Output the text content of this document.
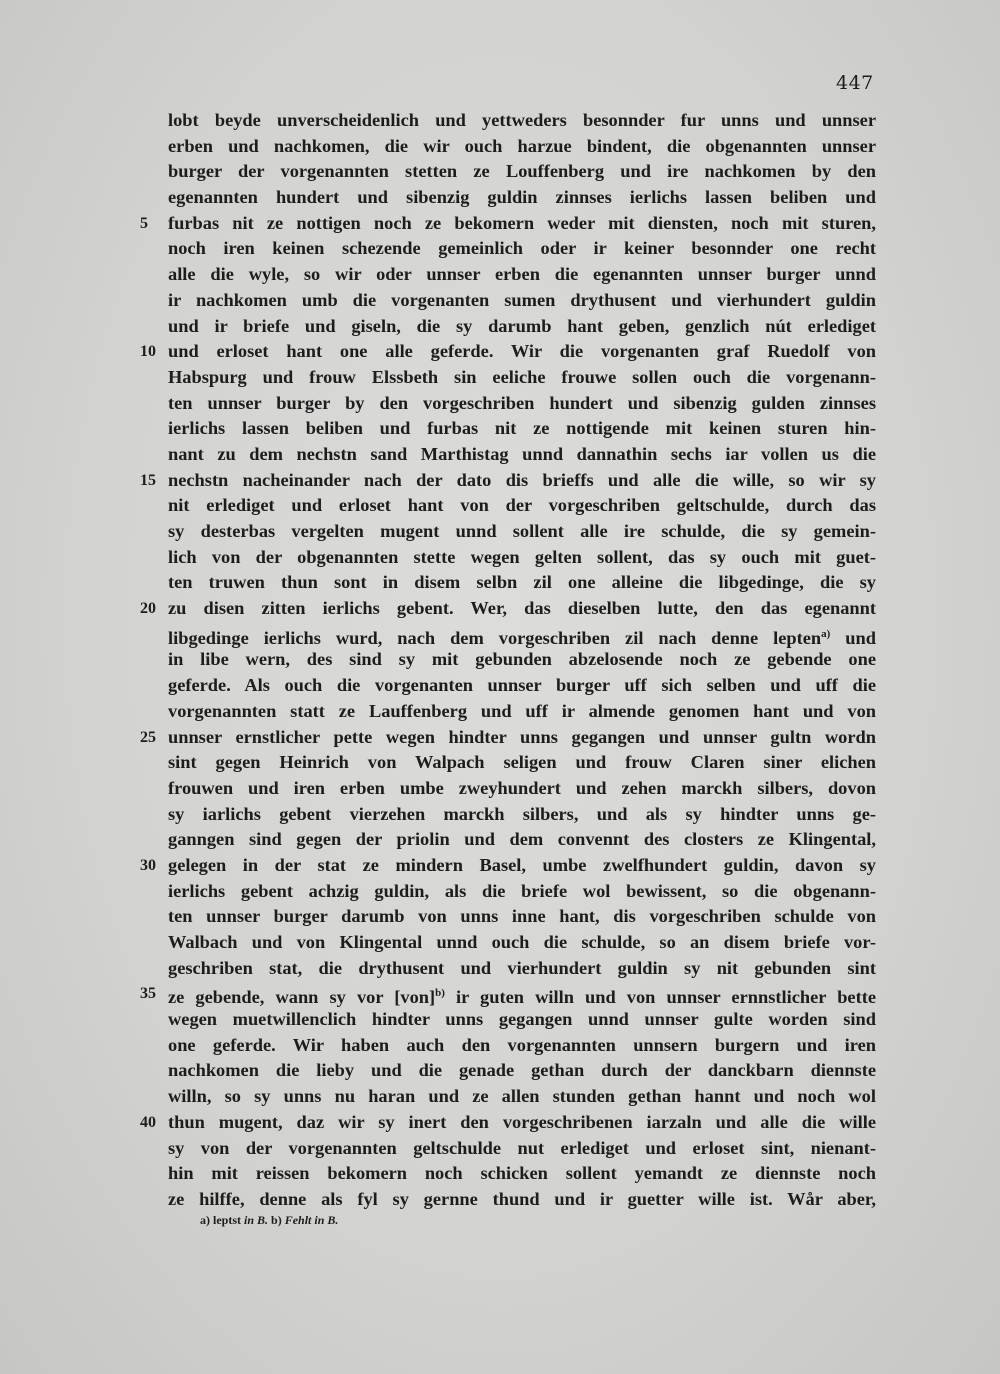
447
lobt beyde unverscheidenlich und yettweders besonnder fur unns und unnser
erben und nachkomen, die wir ouch harzue bindent, die obgenannten unnser
burger der vorgenannten stetten ze Louffenberg und ire nachkomen by den
egenannten hundert und sibenzig guldin zinnses ierlichs lassen beliben und
5	furbas nit ze nottigen noch ze bekomern weder mit diensten, noch mit sturen,
noch iren keinen schezende gemeinlich oder ir keiner besonnder one recht
alle die wyle, so wir oder unnser erben die egenannten unnser burger unnd
ir nachkomen umb die vorgenanten sumen drythusent und vierhundert guldin
und ir briefe und giseln, die sy darumb hant geben, genzlich nút erlediget
10 und erloset hant one alle geferde. Wir die vorgenanten graf Ruedolf von
Habspurg und frouw Elssbeth sin eeliche frouwe sollen ouch die vorgenann-
ten unnser burger by den vorgeschriben hundert und sibenzig gulden zinnses
ierlichs lassen beliben und furbas nit ze nottigende mit keinen sturen hin-
nant zu dem nechstn sand Marthistag unnd dannathin sechs iar vollen us die
15 nechstn nacheinander nach der dato dis brieffs und alle die wille, so wir sy
nit erlediget und erloset hant von der vorgeschriben geltschulde, durch das
sy desterbas vergelten mugent unnd sollent alle ire schulde, die sy gemein-
lich von der obgenannten stette wegen gelten sollent, das sy ouch mit guet-
ten truwen thun sont in disem selbn zil one alleine die libgedinge, die sy
20 zu disen zitten ierlichs gebent. Wer, das dieselben lutte, den das egenannt
libgedinge ierlichs wurd, nach dem vorgeschriben zil nach denne lepten$^{a)}$ und
in libe wern, des sind sy mit gebunden abzelosende noch ze gebende one
geferde. Als ouch die vorgenanten unnser burger uff sich selben und uff die
vorgenannten statt ze Lauffenberg und uff ir almende genomen hant und von
25 unnser ernstlicher pette wegen hindter unns gegangen und unnser gultn wordn
sint gegen Heinrich von Walpach seligen und frouw Claren siner elichen
frouwen und iren erben umbe zweyhundert und zehen marckh silbers, dovon
sy iarlichs gebent vierzehen marckh silbers, und als sy hindter unns ge-
ganngen sind gegen der priolin und dem convennt des closters ze Klingental,
30 gelegen in der stat ze mindern Basel, umbe zwelfhundert guldin, davon sy
ierlichs gebent achzig guldin, als die briefe wol bewissent, so die obgenann-
ten unnser burger darumb von unns inne hant, dis vorgeschriben schulde von
Walbach und von Klingental unnd ouch die schulde, so an disem briefe vor-
geschriben stat, die drythusent und vierhundert guldin sy nit gebunden sint
35 ze gebende, wann sy vor [von]$^{b)}$ ir guten willn und von unnser ernnstlicher bette
wegen muetwillenclich hindter unns gegangen unnd unnser gulte worden sind
one geferde. Wir haben auch den vorgenannten unnsern burgern und iren
nachkomen die lieby und die genade gethan durch der danckbarn diennste
willn, so sy unns nu haran und ze allen stunden gethan hannt und noch wol
40 thun mugent, daz wir sy inert den vorgeschribenen iarzaln und alle die wille
sy von der vorgenannten geltschulde nut erlediget und erloset sint, nienant-
hin mit reissen bekomern noch schicken sollent yemandt ze diennste noch
ze hilffe, denne als fyl sy gernne thund und ir guetter wille ist. Wår aber,
a) leptst in B. b) Fehlt in B.
